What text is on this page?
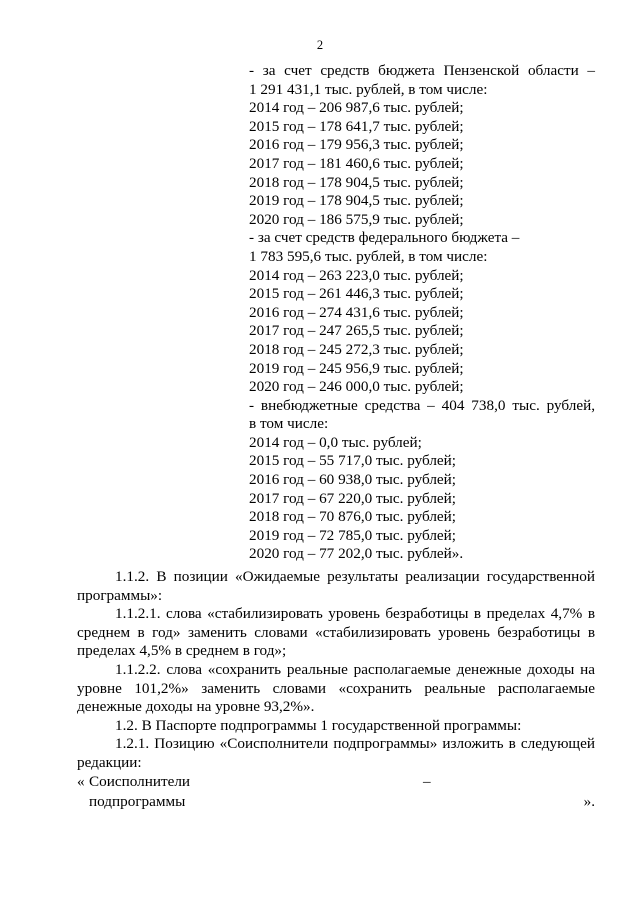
2
- за счет средств бюджета Пензенской области –
1 291 431,1 тыс. рублей, в том числе:
2014 год – 206 987,6 тыс. рублей;
2015 год – 178 641,7 тыс. рублей;
2016 год – 179 956,3 тыс. рублей;
2017 год – 181 460,6 тыс. рублей;
2018 год – 178 904,5 тыс. рублей;
2019 год – 178 904,5 тыс. рублей;
2020 год – 186 575,9 тыс. рублей;
- за счет средств федерального бюджета –
1 783 595,6 тыс. рублей, в том числе:
2014 год – 263 223,0 тыс. рублей;
2015 год – 261 446,3 тыс. рублей;
2016 год – 274 431,6 тыс. рублей;
2017 год – 247 265,5 тыс. рублей;
2018 год – 245 272,3 тыс. рублей;
2019 год – 245 956,9 тыс. рублей;
2020 год – 246 000,0 тыс. рублей;
- внебюджетные средства – 404 738,0 тыс. рублей,
в том числе:
2014 год – 0,0 тыс. рублей;
2015 год – 55 717,0 тыс. рублей;
2016 год – 60 938,0 тыс. рублей;
2017 год – 67 220,0 тыс. рублей;
2018 год – 70 876,0 тыс. рублей;
2019 год – 72 785,0 тыс. рублей;
2020 год – 77 202,0 тыс. рублей».

1.1.2. В позиции «Ожидаемые результаты реализации государственной программы»:

1.1.2.1. слова «стабилизировать уровень безработицы в пределах 4,7% в среднем в год» заменить словами «стабилизировать уровень безработицы в пределах 4,5% в среднем в год»;

1.1.2.2. слова «сохранить реальные располагаемые денежные доходы на уровне 101,2%» заменить словами «сохранить реальные располагаемые денежные доходы на уровне 93,2%».

1.2. В Паспорте подпрограммы 1 государственной программы:

1.2.1. Позицию «Соисполнители подпрограммы» изложить в следующей редакции:

« Соисполнители
подпрограммы
–
».
